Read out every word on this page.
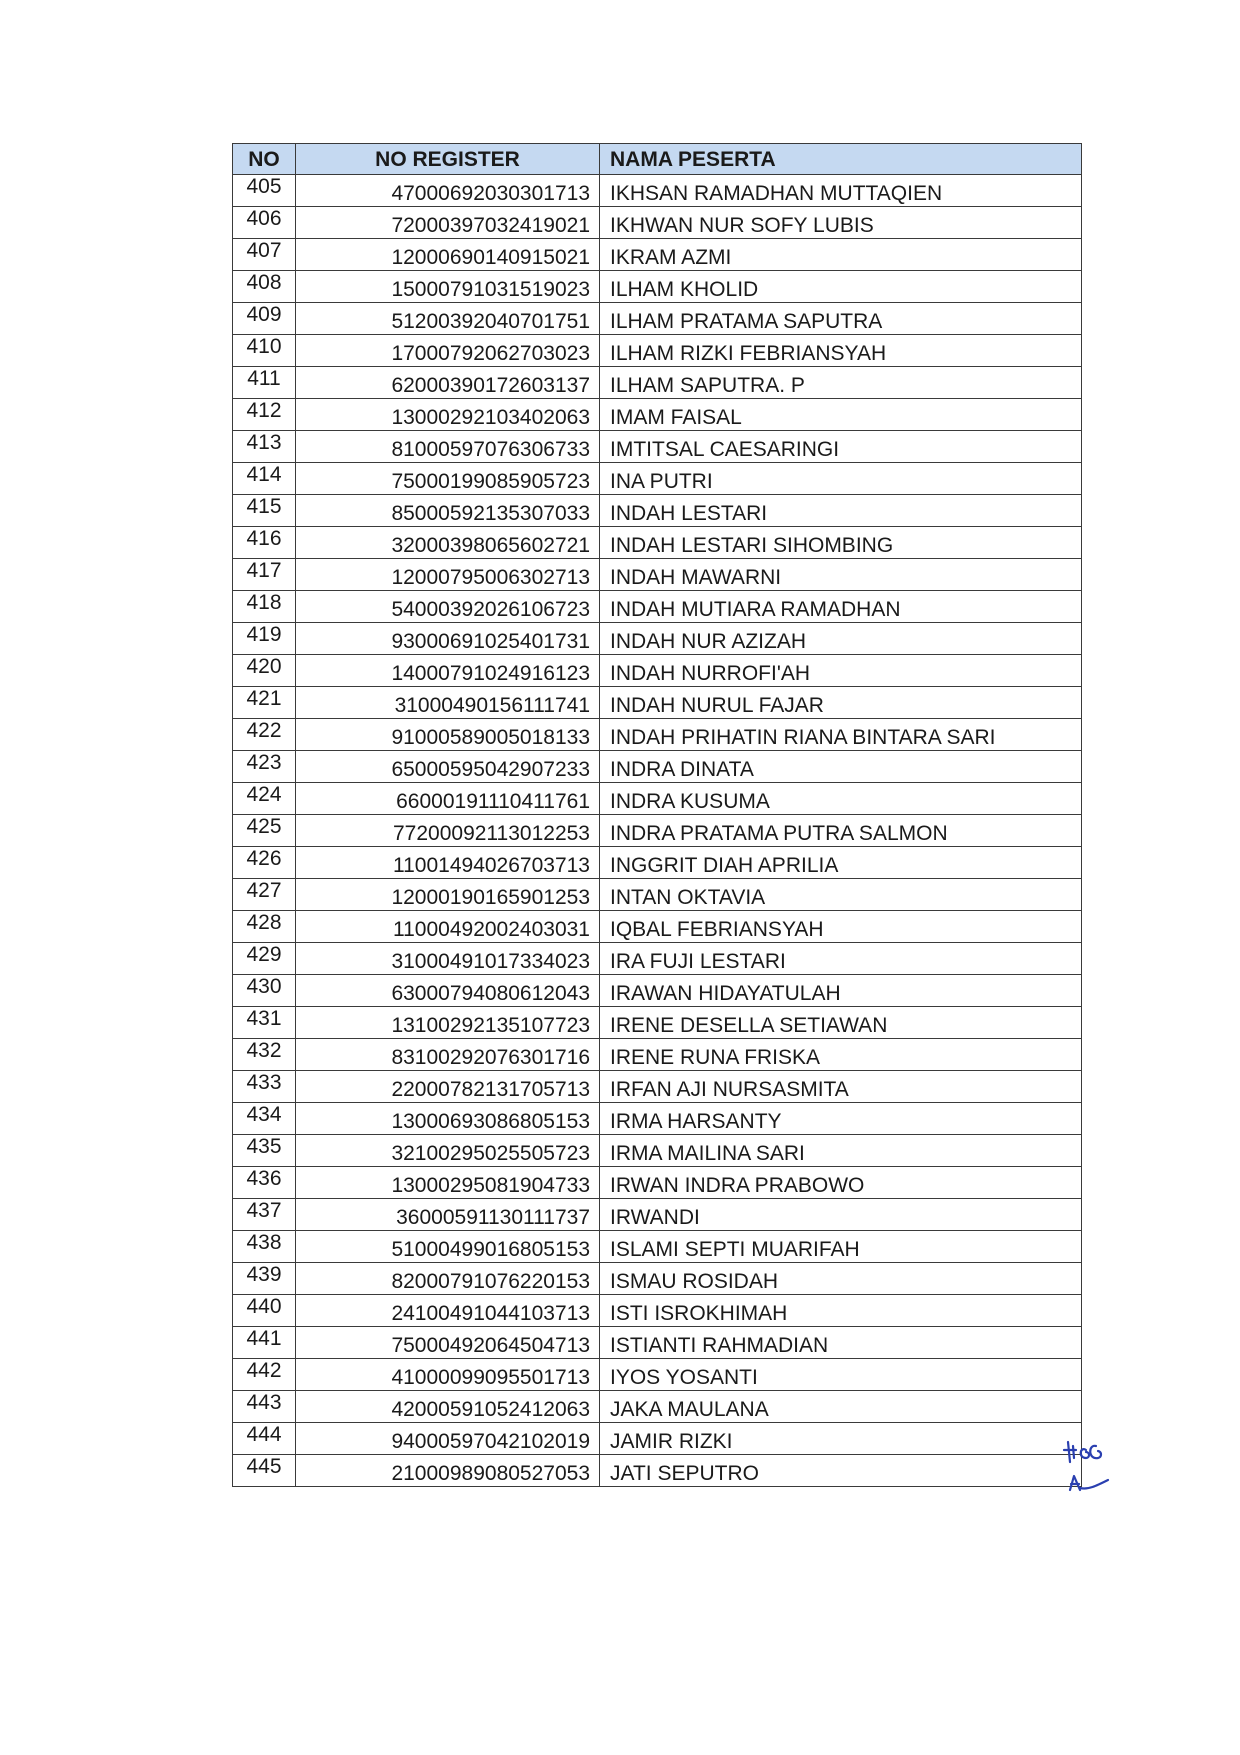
NO	NO REGISTER	NAMA PESERTA
405	47000692030301713	IKHSAN RAMADHAN MUTTAQIEN
406	72000397032419021	IKHWAN NUR SOFY LUBIS
407	12000690140915021	IKRAM AZMI
408	15000791031519023	ILHAM KHOLID
409	51200392040701751	ILHAM PRATAMA SAPUTRA
410	17000792062703023	ILHAM RIZKI FEBRIANSYAH
411	62000390172603137	ILHAM SAPUTRA. P
412	13000292103402063	IMAM FAISAL
413	81000597076306733	IMTITSAL CAESARINGI
414	75000199085905723	INA PUTRI
415	85000592135307033	INDAH LESTARI
416	32000398065602721	INDAH LESTARI SIHOMBING
417	12000795006302713	INDAH MAWARNI
418	54000392026106723	INDAH MUTIARA RAMADHAN
419	93000691025401731	INDAH NUR AZIZAH
420	14000791024916123	INDAH NURROFI'AH
421	31000490156111741	INDAH NURUL FAJAR
422	91000589005018133	INDAH PRIHATIN RIANA BINTARA SARI
423	65000595042907233	INDRA DINATA
424	66000191110411761	INDRA KUSUMA
425	77200092113012253	INDRA PRATAMA PUTRA SALMON
426	11001494026703713	INGGRIT DIAH APRILIA
427	12000190165901253	INTAN OKTAVIA
428	11000492002403031	IQBAL FEBRIANSYAH
429	31000491017334023	IRA FUJI LESTARI
430	63000794080612043	IRAWAN HIDAYATULAH
431	13100292135107723	IRENE DESELLA SETIAWAN
432	83100292076301716	IRENE RUNA FRISKA
433	22000782131705713	IRFAN AJI NURSASMITA
434	13000693086805153	IRMA HARSANTY
435	32100295025505723	IRMA MAILINA SARI
436	13000295081904733	IRWAN INDRA PRABOWO
437	36000591130111737	IRWANDI
438	51000499016805153	ISLAMI SEPTI MUARIFAH
439	82000791076220153	ISMAU ROSIDAH
440	24100491044103713	ISTI ISROKHIMAH
441	75000492064504713	ISTIANTI RAHMADIAN
442	41000099095501713	IYOS YOSANTI
443	42000591052412063	JAKA MAULANA
444	94000597042102019	JAMIR RIZKI
445	21000989080527053	JATI SEPUTRO
